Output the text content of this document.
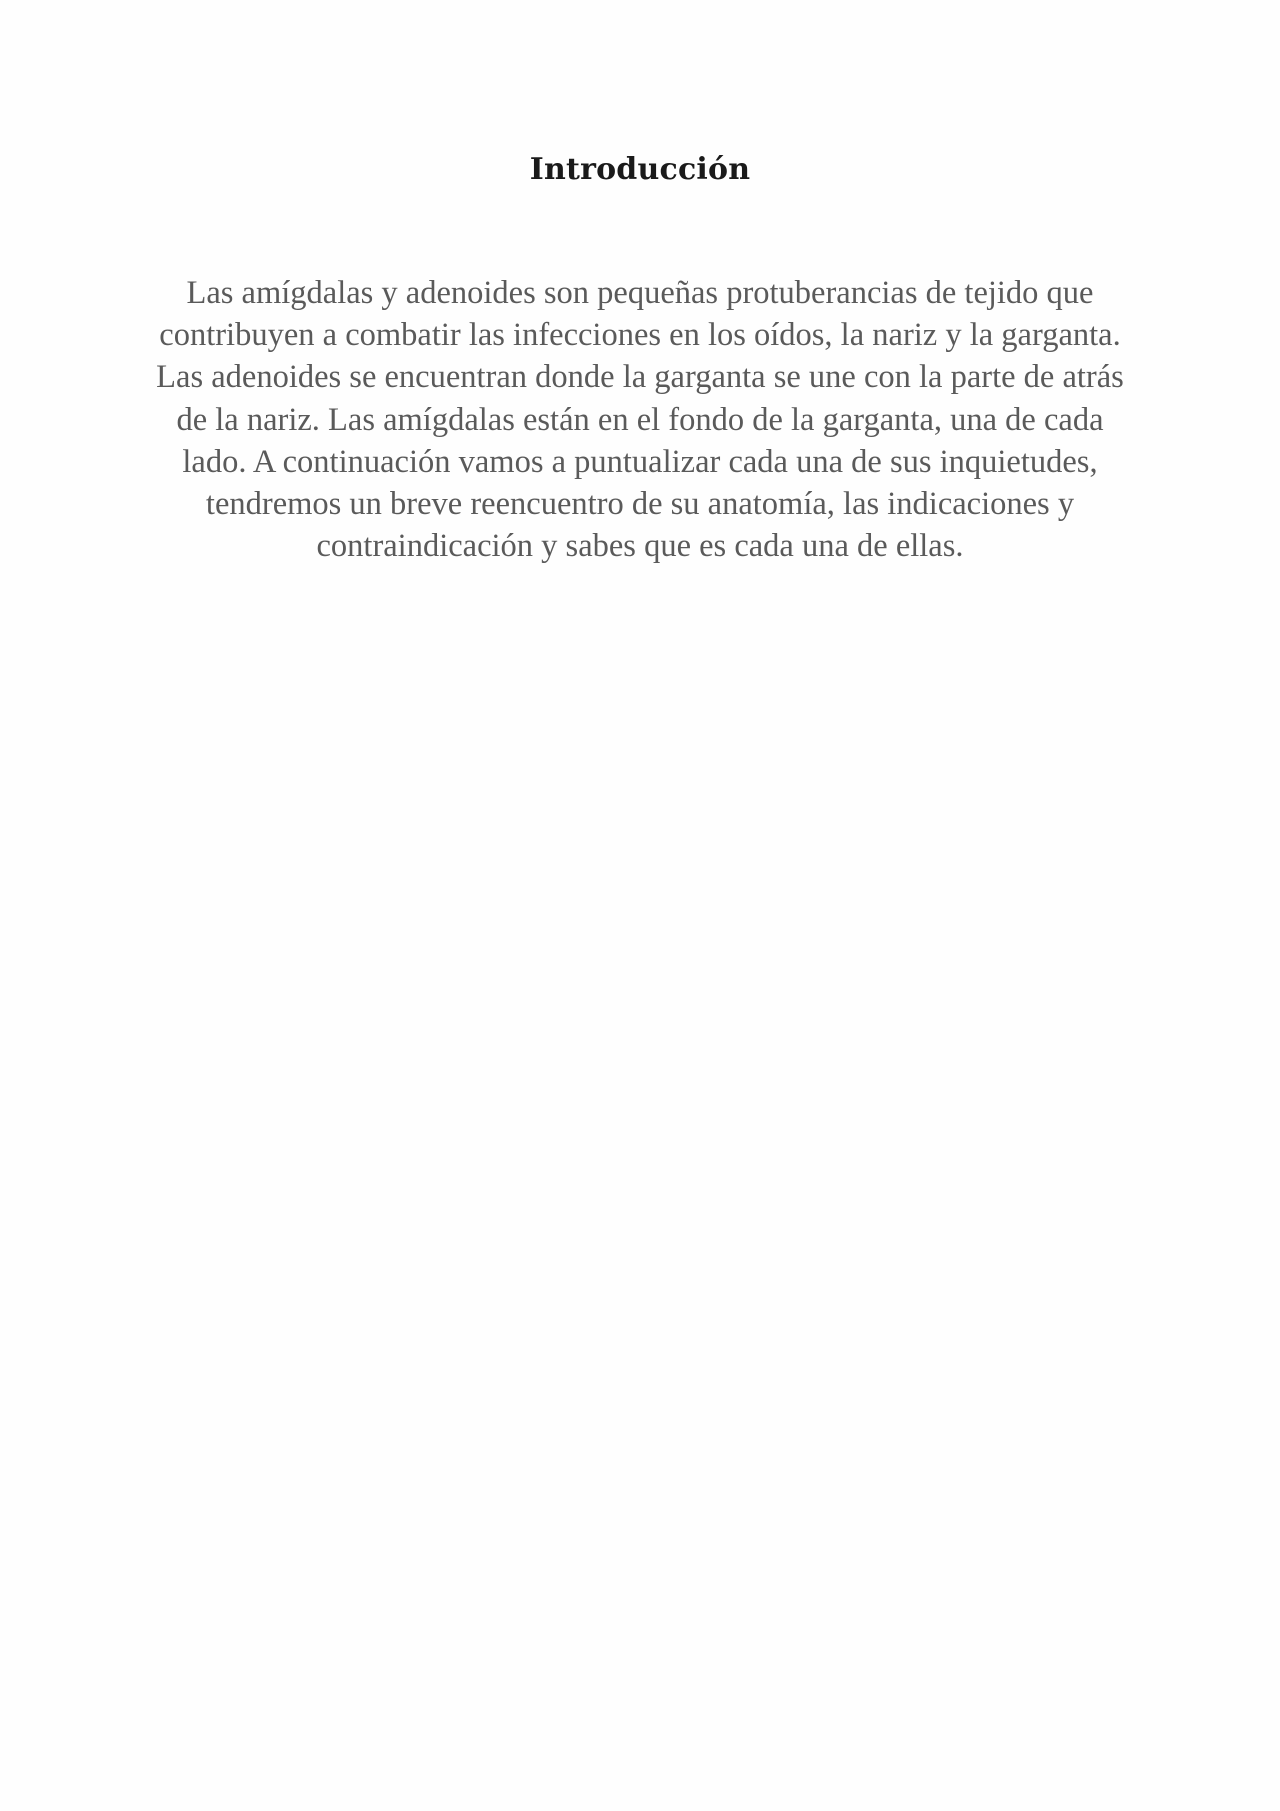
Introducción

Las amígdalas y adenoides son pequeñas protuberancias de tejido que contribuyen a combatir las infecciones en los oídos, la nariz y la garganta. Las adenoides se encuentran donde la garganta se une con la parte de atrás de la nariz. Las amígdalas están en el fondo de la garganta, una de cada lado. A continuación vamos a puntualizar cada una de sus inquietudes, tendremos un breve reencuentro de su anatomía, las indicaciones y contraindicación y sabes que es cada una de ellas.
